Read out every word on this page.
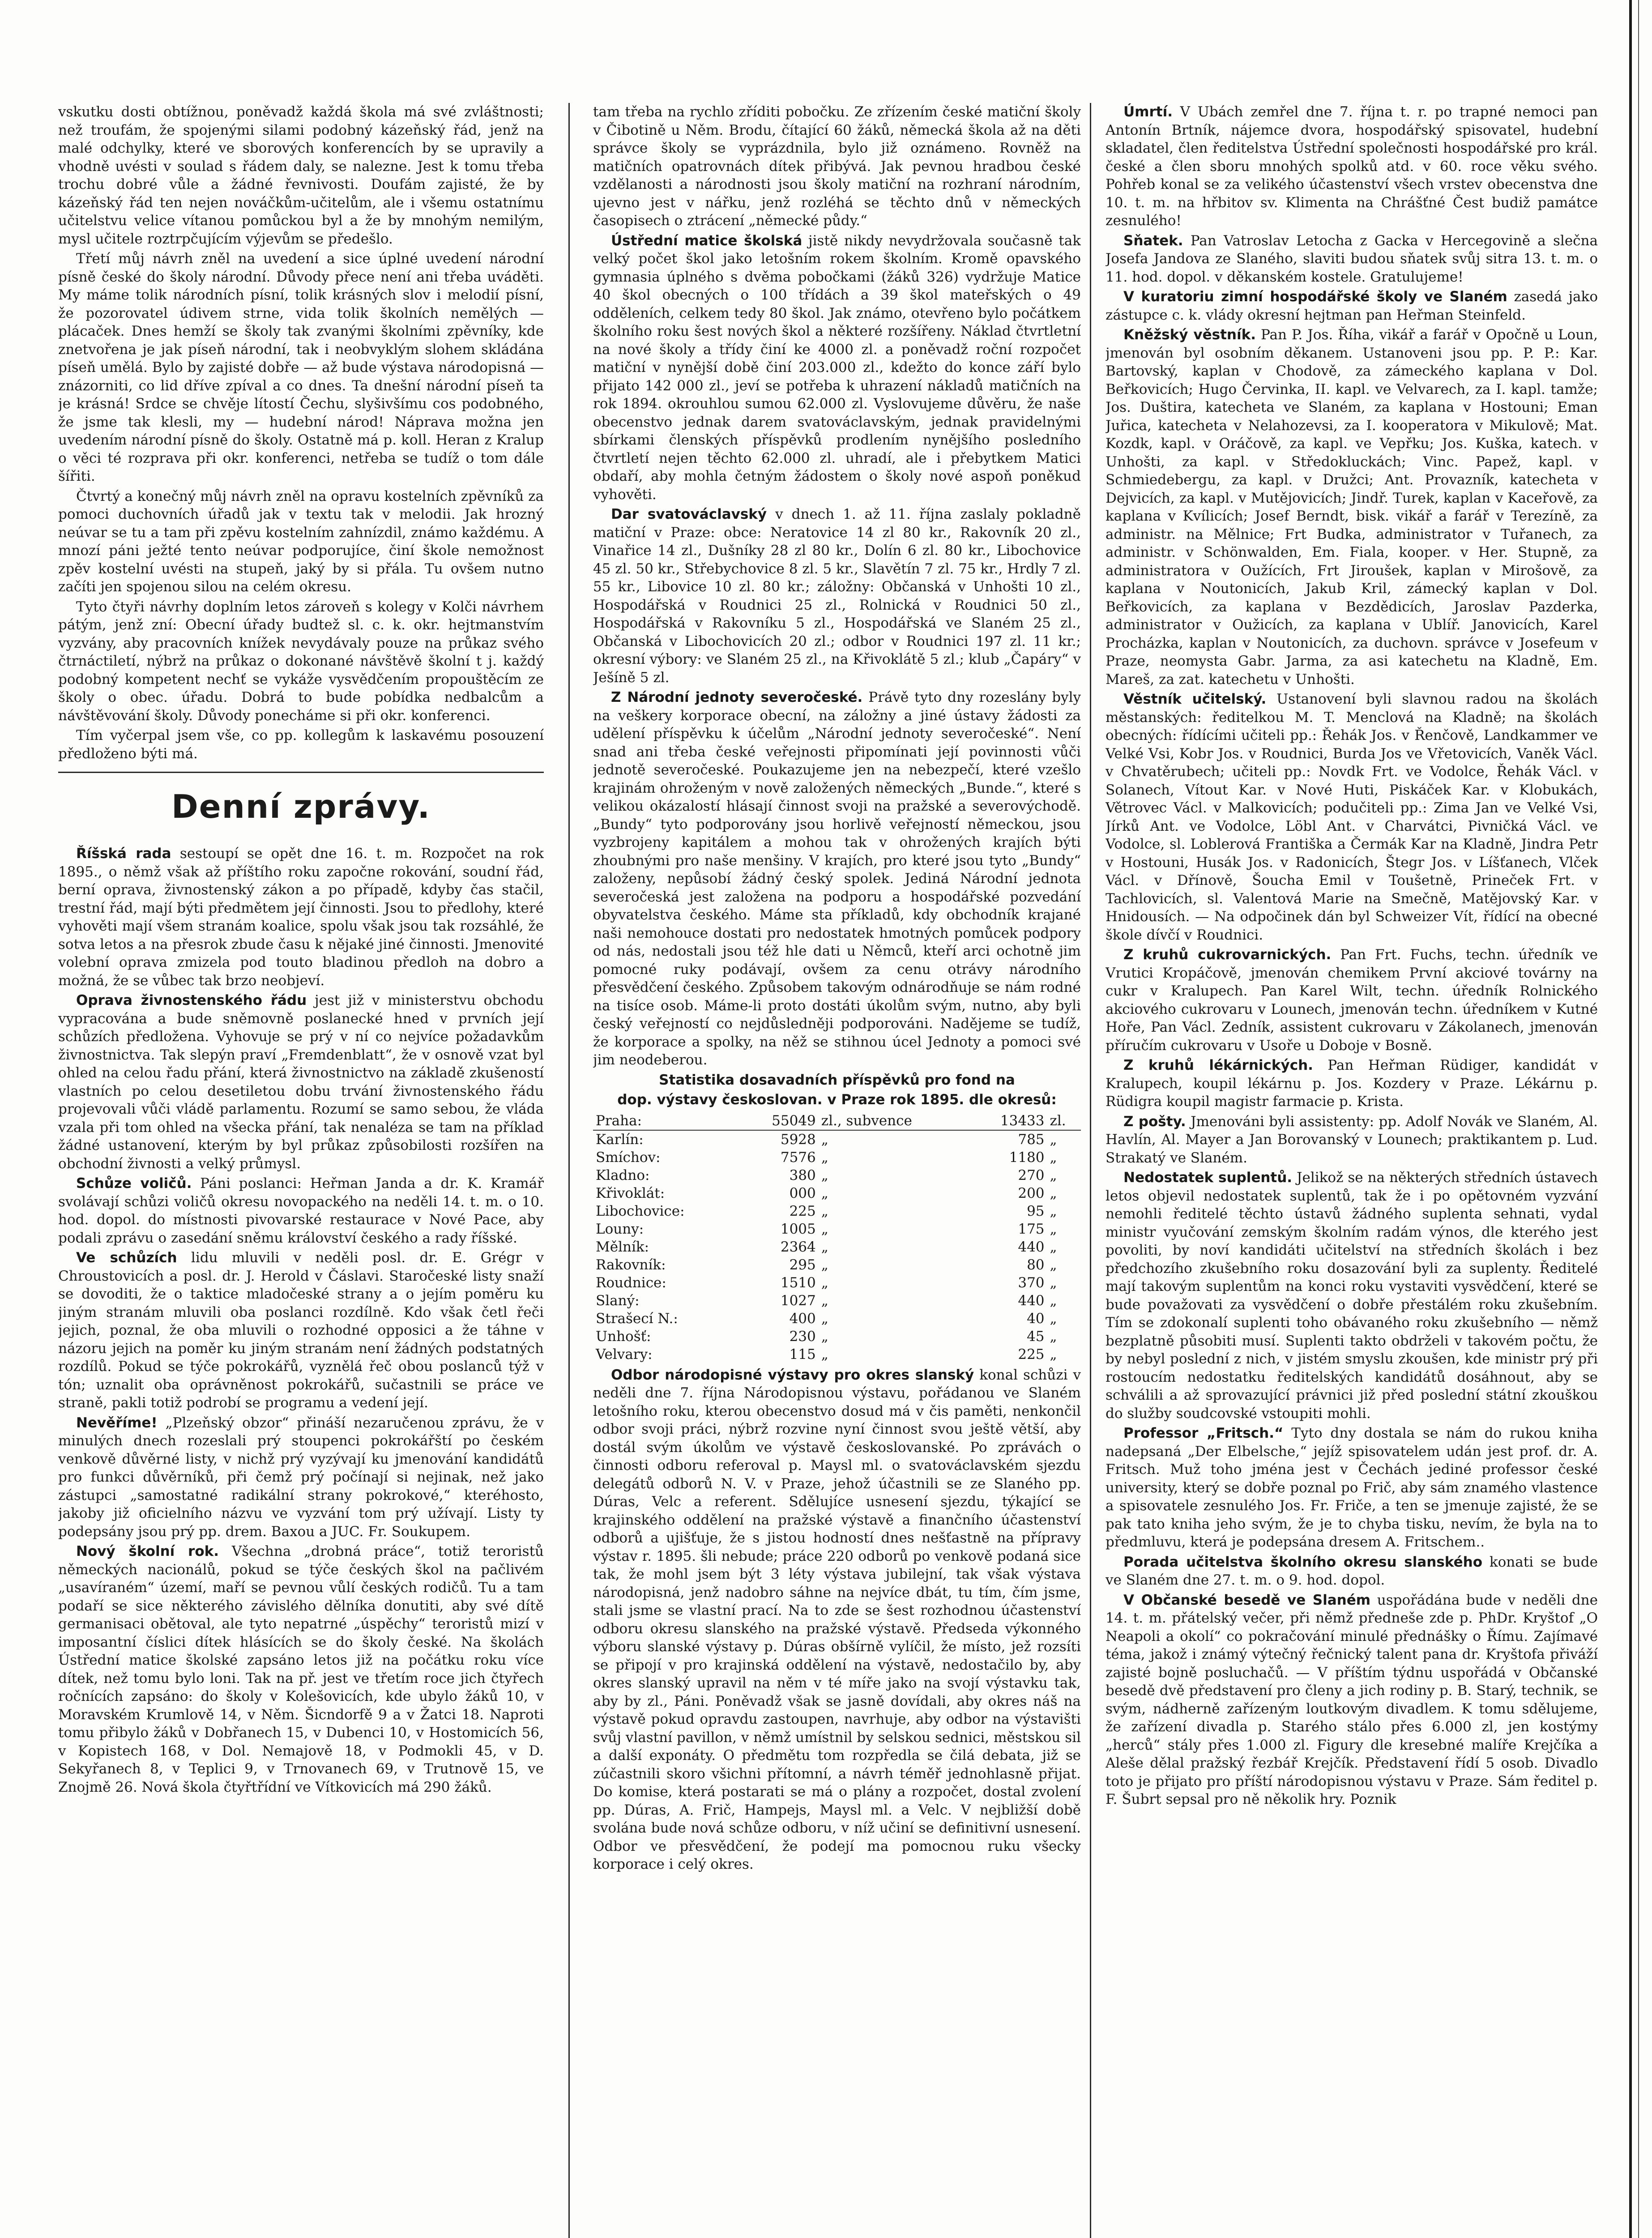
vskutku dosti obtížnou, poněvadž každá škola má své zvláštnosti; než troufám, že spojenými silami podobný kázeňský řád, jenž na malé odchylky, které ve sborových konferencích by se upravily a vhodně uvésti v soulad s řádem daly, se nalezne. Jest k tomu třeba trochu dobré vůle a žádné řevnivosti. Doufám zajisté, že by kázeňský řád ten nejen nováčkům-učitelům, ale i všemu ostatnímu učitelstvu velice vítanou pomůckou byl a že by mnohým nemilým, mysl učitele roztrpčujícím výjevům se předešlo.

Třetí můj návrh zněl na uvedení a sice úplné uvedení národní písně české do školy národní. Důvody přece není ani třeba uváděti. My máme tolik národních písní, tolik krásných slov i melodií písní, že pozorovatel údivem strne, vida tolik školních nemělých — plácaček. Dnes hemží se školy tak zvanými školními zpěvníky, kde znetvořena je jak píseň národní, tak i neobvyklým slohem skládána píseň umělá. Bylo by zajisté dobře — až bude výstava národopisná — znázorniti, co lid dříve zpíval a co dnes. Ta dnešní národní píseň ta je krásná! Srdce se chvěje lítostí Čechu, slyšivšímu cos podobného, že jsme tak klesli, my — hudební národ! Náprava možna jen uvedením národní písně do školy. Ostatně má p. koll. Heran z Kralup o věci té rozprava při okr. konferenci, netřeba se tudíž o tom dále šířiti.

Čtvrtý a konečný můj návrh zněl na opravu kostelních zpěvníků za pomoci duchovních úřadů jak v textu tak v melodii. Jak hrozný neúvar se tu a tam při zpěvu kostelním zahnízdil, známo každému. A mnozí páni ježté tento neúvar podporujíce, činí škole nemožnost zpěv kostelní uvésti na stupeň, jaký by si přála. Tu ovšem nutno začíti jen spojenou silou na celém okresu.

Tyto čtyři návrhy doplním letos zároveň s kolegy v Kolči návrhem pátým, jenž zní: Obecní úřady budtež sl. c. k. okr. hejtmanstvím vyzvány, aby pracovních knížek nevydávaly pouze na průkaz svého čtrnáctiletí, nýbrž na průkaz o dokonané návštěvě školní t j. každý podobný kompetent nechť se vykáže vysvědčením propouštěcím ze školy o obec. úřadu. Dobrá to bude pobídka nedbalcům a návštěvování školy. Důvody ponecháme si při okr. konferenci.

Tím vyčerpal jsem vše, co pp. kollegům k laskavému posouzení předloženo býti má.

Denní zprávy.

Říšská rada sestoupí se opět dne 16. t. m. Rozpočet na rok 1895., o němž však až příštího roku započne rokování, soudní řád, berní oprava, živnostenský zákon a po případě, kdyby čas stačil, trestní řád, mají býti předmětem její činnosti. Jsou to předlohy, které vyhověti mají všem stranám koalice, spolu však jsou tak rozsáhlé, že sotva letos a na přesrok zbude času k nějaké jiné činnosti. Jmenovité volební oprava zmizela pod touto bladinou předloh na dobro a možná, že se vůbec tak brzo neobjeví.

Oprava živnostenského řádu jest již v ministerstvu obchodu vypracována a bude sněmovně poslanecké hned v prvních její schůzích předložena. Vyhovuje se prý v ní co nejvíce požadavkům živnostnictva. Tak slepýn praví „Fremdenblatt“, že v osnově vzat byl ohled na celou řadu přání, která živnostnictvo na základě zkušeností vlastních po celou desetiletou dobu trvání živnostenského řádu projevovali vůči vládě parlamentu. Rozumí se samo sebou, že vláda vzala při tom ohled na všecka přání, tak nenaléza se tam na příklad žádné ustanovení, kterým by byl průkaz způsobilosti rozšířen na obchodní živnosti a velký průmysl.

Schůze voličů. Páni poslanci: Heřman Janda a dr. K. Kramář svolávají schůzi voličů okresu novopackého na neděli 14. t. m. o 10. hod. dopol. do místnosti pivovarské restaurace v Nové Pace, aby podali zprávu o zasedání sněmu království českého a rady říšské.

Ve schůzích lidu mluvili v neděli posl. dr. E. Grégr v Chroustovicích a posl. dr. J. Herold v Čáslavi. Staročeské listy snaží se dovoditi, že o taktice mladočeské strany a o jejím poměru ku jiným stranám mluvili oba poslanci rozdílně. Kdo však četl řeči jejich, poznal, že oba mluvili o rozhodné opposici a že táhne v názoru jejich na poměr ku jiným stranám není žádných podstatných rozdílů. Pokud se týče pokrokářů, vyznělá řeč obou poslanců týž v tón; uznalit oba oprávněnost pokrokářů, sučastnili se práce ve straně, pakli totiž podrobí se programu a vedení její.

Nevěříme! „Plzeňský obzor“ přináší nezaručenou zprávu, že v minulých dnech rozeslali prý stoupenci pokrokářští po českém venkově důvěrné listy, v nichž prý vyzývají ku jmenování kandidátů pro funkci důvěrníků, při čemž prý počínají si nejinak, než jako zástupci „samostatné radikální strany pokrokové,“ kteréhosto, jakoby již oficielního názvu ve vyzvání tom prý užívají. Listy ty podepsány jsou prý pp. drem. Baxou a JUC. Fr. Soukupem.

Nový školní rok. Všechna „drobná práce“, totiž teroristů německých nacionálů, pokud se týče českých škol na pačlivém „usavíraném“ území, maří se pevnou vůlí českých rodičů. Tu a tam podaří se sice některého závislého dělníka donutiti, aby své dítě germanisaci obětoval, ale tyto nepatrné „úspěchy“ teroristů mizí v imposantní číslici dítek hlásících se do školy české. Na školách Ústřední matice školské zapsáno letos již na počátku roku více dítek, než tomu bylo loni. Tak na př. jest ve třetím roce jich čtyřech ročnících zapsáno: do školy v Kolešovicích, kde ubylo žáků 10, v Moravském Krumlově 14, v Něm. Šicndorfě 9 a v Žatci 18. Naproti tomu přibylo žáků v Dobřanech 15, v Dubenci 10, v Hostomicích 56, v Kopistech 168, v Dol. Nemajově 18, v Podmokli 45, v D. Sekyřanech 8, v Teplici 9, v Trnovanech 69, v Trutnově 15, ve Znojmě 26. Nová škola čtyřtřídní ve Vítkovicích má 290 žáků.

tam třeba na rychlo zříditi pobočku. Ze zřízením české matiční školy v Čibotině u Něm. Brodu, čítající 60 žáků, německá škola až na děti správce školy se vyprázdnila, bylo již oznámeno. Rovněž na matičních opatrovnách dítek přibývá. Jak pevnou hradbou české vzdělanosti a národnosti jsou školy matiční na rozhraní národním, ujevno jest v nářku, jenž rozléhá se těchto dnů v německých časopisech o ztrácení „německé půdy.“

Ústřední matice školská jistě nikdy nevydržovala současně tak velký počet škol jako letošním rokem školním. Kromě opavského gymnasia úplného s dvěma pobočkami (žáků 326) vydržuje Matice 40 škol obecných o 100 třídách a 39 škol mateřských o 49 odděleních, celkem tedy 80 škol. Jak známo, otevřeno bylo počátkem školního roku šest nových škol a některé rozšířeny. Náklad čtvrtletní na nové školy a třídy činí ke 4000 zl. a poněvadž roční rozpočet matiční v nynější době činí 203.000 zl., kdežto do konce září bylo přijato 142 000 zl., jeví se potřeba k uhrazení nákladů matičních na rok 1894. okrouhlou sumou 62.000 zl. Vyslovujeme důvěru, že naše obecenstvo jednak darem svatováclavským, jednak pravidelnými sbírkami členských příspěvků prodlením nynějšího posledního čtvrtletí nejen těchto 62.000 zl. uhradí, ale i přebytkem Matici obdaří, aby mohla četným žádostem o školy nové aspoň poněkud vyhověti.

Dar svatováclavský v dnech 1. až 11. října zaslaly pokladně matiční v Praze: obce: Neratovice 14 zl 80 kr., Rakovník 20 zl., Vinařice 14 zl., Dušníky 28 zl 80 kr., Dolín 6 zl. 80 kr., Libochovice 45 zl. 50 kr., Střebychovice 8 zl. 5 kr., Slavětín 7 zl. 75 kr., Hrdly 7 zl. 55 kr., Libovice 10 zl. 80 kr.; záložny: Občanská v Unhošti 10 zl., Hospodářská v Roudnici 25 zl., Rolnická v Roudnici 50 zl., Hospodářská v Rakovníku 5 zl., Hospodářská ve Slaném 25 zl., Občanská v Libochovicích 20 zl.; odbor v Roudnici 197 zl. 11 kr.; okresní výbory: ve Slaném 25 zl., na Křivoklátě 5 zl.; klub „Čapáry“ v Ješíně 5 zl.

Z Národní jednoty severočeské. Právě tyto dny rozeslány byly na veškery korporace obecní, na záložny a jiné ústavy žádosti za udělení příspěvku k účelům „Národní jednoty severočeské“. Není snad ani třeba české veřejnosti připomínati její povinnosti vůči jednotě severočeské. Poukazujeme jen na nebezpečí, které vzešlo krajinám ohroženým v nově založených německých „Bunde.“, které s velikou okázalostí hlásají činnost svoji na pražské a severovýchodě. „Bundy“ tyto podporovány jsou horlivě veřejností německou, jsou vyzbrojeny kapitálem a mohou tak v ohrožených krajích býti zhoubnými pro naše menšiny. V krajích, pro které jsou tyto „Bundy“ založeny, nepůsobí žádný český spolek. Jediná Národní jednota severočeská jest založena na podporu a hospodářské pozvedání obyvatelstva českého. Máme sta příkladů, kdy obchodník krajané naši nemohouce dostati pro nedostatek hmotných pomůcek podpory od nás, nedostali jsou též hle dati u Němců, kteří arci ochotně jim pomocné ruky podávají, ovšem za cenu otrávy národního přesvědčení českého. Způsobem takovým odnárodňuje se nám rodné na tisíce osob. Máme-li proto dostáti úkolům svým, nutno, aby byli český veřejností co nejdůsledněji podporováni. Nadějeme se tudíž, že korporace a spolky, na něž se stihnou úcel Jednoty a pomoci své jim neodeberou.

Statistika dosavadních příspěvků pro fond na

dop. výstavy českoslovan. v Praze rok 1895. dle okresů:

Praha:	55049	zl., subvence	13433	zl.
Karlín:	5928	„	785	„
Smíchov:	7576	„	1180	„
Kladno:	380	„	270	„
Křivoklát:	000	„	200	„
Libochovice:	225	„	95	„
Louny:	1005	„	175	„
Mělník:	2364	„	440	„
Rakovník:	295	„	80	„
Roudnice:	1510	„	370	„
Slaný:	1027	„	440	„
Strašecí N.:	400	„	40	„
Unhošť:	230	„	45	„
Velvary:	115	„	225	„

Odbor národopisné výstavy pro okres slanský konal schůzi v neděli dne 7. října Národopisnou výstavu, pořádanou ve Slaném letošního roku, kterou obecenstvo dosud má v čis paměti, nenkončil odbor svoji práci, nýbrž rozvine nyní činnost svou ještě větší, aby dostál svým úkolům ve výstavě českoslovanské. Po zprávách o činnosti odboru referoval p. Maysl ml. o svatováclavském sjezdu delegátů odborů N. V. v Praze, jehož účastnili se ze Slaného pp. Dúras, Velc a referent. Sdělujíce usnesení sjezdu, týkající se krajinského oddělení na pražské výstavě a finančního účastenství odborů a ujišťuje, že s jistou hodností dnes nešťastně na přípravy výstav r. 1895. šli nebude; práce 220 odborů po venkově podaná sice tak, že mohl jsem být 3 léty výstava jubilejní, tak však výstava národopisná, jenž nadobro sáhne na nejvíce dbát, tu tím, čím jsme, stali jsme se vlastní prací. Na to zde se šest rozhodnou účastenství odboru okresu slanského na pražské výstavě. Předseda výkonného výboru slanské výstavy p. Dúras obšírně vylíčil, že místo, jež rozsíti se připojí v pro krajinská oddělení na výstavě, nedostačilo by, aby okres slanský upravil na něm v té míře jako na svojí výstavku tak, aby by zl., Páni. Poněvadž však se jasně dovídali, aby okres náš na výstavě pokud opravdu zastoupen, navrhuje, aby odbor na výstavišti svůj vlastní pavillon, v němž umístnil by selskou sednici, městskou sil a další exponáty. O předmětu tom rozpředla se čilá debata, již se zúčastnili skoro všichni přítomní, a návrh téměř jednohlasně přijat. Do komise, která postarati se má o plány a rozpočet, dostal zvolení pp. Dúras, A. Frič, Hampejs, Maysl ml. a Velc. V nejbližší době svolána bude nová schůze odboru, v níž učiní se definitivní usnesení. Odbor ve přesvědčení, že podejí ma pomocnou ruku všecky korporace i celý okres.

Úmrtí. V Ubách zemřel dne 7. října t. r. po trapné nemoci pan Antonín Brtník, nájemce dvora, hospodářský spisovatel, hudební skladatel, člen ředitelstva Ústřední společnosti hospodářské pro král. české a člen sboru mnohých spolků atd. v 60. roce věku svého. Pohřeb konal se za velikého účastenství všech vrstev obecenstva dne 10. t. m. na hřbitov sv. Klimenta na Chrášťné Čest budiž památce zesnulého!

Sňatek. Pan Vatroslav Letocha z Gacka v Hercegovině a slečna Josefa Jandova ze Slaného, slaviti budou sňatek svůj sitra 13. t. m. o 11. hod. dopol. v děkanském kostele. Gratulujeme!

V kuratoriu zimní hospodářské školy ve Slaném zasedá jako zástupce c. k. vlády okresní hejtman pan Heřman Steinfeld.

Kněžský věstník. Pan P. Jos. Říha, vikář a farář v Opočně u Loun, jmenován byl osobním děkanem. Ustanoveni jsou pp. P. P.: Kar. Bartovský, kaplan v Chodově, za zámeckého kaplana v Dol. Beřkovicích; Hugo Červinka, II. kapl. ve Velvarech, za I. kapl. tamže; Jos. Duštira, katecheta ve Slaném, za kaplana v Hostouni; Eman Juřica, katecheta v Nelahozevsi, za I. kooperatora v Mikulově; Mat. Kozdk, kapl. v Oráčově, za kapl. ve Vepřku; Jos. Kuška, katech. v Unhošti, za kapl. v Středokluckách; Vinc. Papež, kapl. v Schmiedebergu, za kapl. v Družci; Ant. Provazník, katecheta v Dejvicích, za kapl. v Mutějovicích; Jindř. Turek, kaplan v Kaceřově, za kaplana v Kvílicích; Josef Berndt, bisk. vikář a farář v Terezíně, za administr. na Mělnice; Frt Budka, administrator v Tuřanech, za administr. v Schönwalden, Em. Fiala, kooper. v Her. Stupně, za administratora v Oužících, Frt Jiroušek, kaplan v Mirošově, za kaplana v Noutonicích, Jakub Kril, zámecký kaplan v Dol. Beřkovicích, za kaplana v Bezdědicích, Jaroslav Pazderka, administrator v Oužicích, za kaplana v Ublíř. Janovicích, Karel Procházka, kaplan v Noutonicích, za duchovn. správce v Josefeum v Praze, neomysta Gabr. Jarma, za asi katechetu na Kladně, Em. Mareš, za zat. katechetu v Unhošti.

Věstník učitelský. Ustanovení byli slavnou radou na školách městanských: ředitelkou M. T. Menclová na Kladně; na školách obecných: řídícími učiteli pp.: Řehák Jos. v Řenčově, Landkammer ve Velké Vsi, Kobr Jos. v Roudnici, Burda Jos ve Vřetovicích, Vaněk Václ. v Chvatěrubech; učiteli pp.: Novdk Frt. ve Vodolce, Řehák Václ. v Solanech, Vítout Kar. v Nové Huti, Piskáček Kar. v Klobukách, Větrovec Václ. v Malkovicích; podučiteli pp.: Zima Jan ve Velké Vsi, Jírků Ant. ve Vodolce, Löbl Ant. v Charvátci, Pivničká Václ. ve Vodolce, sl. Loblerová Františka a Čermák Kar na Kladně, Jindra Petr v Hostouni, Husák Jos. v Radonicích, Štegr Jos. v Líšťanech, Vlček Václ. v Dřínově, Šoucha Emil v Toušetně, Prineček Frt. v Tachlovicích, sl. Valentová Marie na Smečně, Matějovský Kar. v Hnidousích. — Na odpočinek dán byl Schweizer Vít, řídící na obecné škole dívčí v Roudnici.

Z kruhů cukrovarnických. Pan Frt. Fuchs, techn. úředník ve Vrutici Kropáčově, jmenován chemikem První akciové továrny na cukr v Kralupech. Pan Karel Wilt, techn. úředník Rolnického akciového cukrovaru v Lounech, jmenován techn. úředníkem v Kutné Hoře, Pan Václ. Zedník, assistent cukrovaru v Zákolanech, jmenován příručím cukrovaru v Usoře u Doboje v Bosně.

Z kruhů lékárnických. Pan Heřman Rüdiger, kandidát v Kralupech, koupil lékárnu p. Jos. Kozdery v Praze. Lékárnu p. Rüdigra koupil magistr farmacie p. Krista.

Z pošty. Jmenováni byli assistenty: pp. Adolf Novák ve Slaném, Al. Havlín, Al. Mayer a Jan Borovanský v Lounech; praktikantem p. Lud. Strakatý ve Slaném.

Nedostatek suplentů. Jelikož se na některých středních ústavech letos objevil nedostatek suplentů, tak že i po opětovném vyzvání nemohli ředitelé těchto ústavů žádného suplenta sehnati, vydal ministr vyučování zemským školním radám výnos, dle kterého jest povoliti, by noví kandidáti učitelství na středních školách i bez předchozího zkušebního roku dosazování byli za suplenty. Ředitelé mají takovým suplentům na konci roku vystaviti vysvědčení, které se bude považovati za vysvědčení o dobře přestálém roku zkušebním. Tím se zdokonalí suplenti toho obávaného roku zkušebního — němž bezplatně působiti musí. Suplenti takto obdrželi v takovém počtu, že by nebyl poslední z nich, v jistém smyslu zkoušen, kde ministr prý při rostoucím nedostatku ředitelských kandidátů dosáhnout, aby se schválili a až sprovazující právnici již před poslední státní zkouškou do služby soudcovské vstoupiti mohli.

Professor „Fritsch.“ Tyto dny dostala se nám do rukou kniha nadepsaná „Der Elbelsche,“ jejíž spisovatelem udán jest prof. dr. A. Fritsch. Muž toho jména jest v Čechách jediné professor české university, který se dobře poznal po Frič, aby sám znamého vlastence a spisovatele zesnulého Jos. Fr. Friče, a ten se jmenuje zajisté, že se pak tato kniha jeho svým, že je to chyba tisku, nevím, že byla na to předmluvu, která je podepsána dresem A. Fritschem..

Porada učitelstva školního okresu slanského konati se bude ve Slaném dne 27. t. m. o 9. hod. dopol.

V Občanské besedě ve Slaném uspořádána bude v neděli dne 14. t. m. přátelský večer, při němž předneše zde p. PhDr. Kryštof „O Neapoli a okolí“ co pokračování minulé přednášky o Římu. Zajímavé téma, jakož i známý výtečný řečnický talent pana dr. Kryštofa přiváží zajisté bojně posluchačů. — V příštím týdnu uspořádá v Občanské besedě dvě představení pro členy a jich rodiny p. B. Starý, technik, se svým, nádherně zařízeným loutkovým divadlem. K tomu sdělujeme, že zařízení divadla p. Starého stálo přes 6.000 zl, jen kostýmy „herců“ stály přes 1.000 zl. Figury dle kresebné malíře Krejčíka a Aleše dělal pražský řezbář Krejčík. Představení řídí 5 osob. Divadlo toto je přijato pro příští národopisnou výstavu v Praze. Sám ředitel p. F. Šubrt sepsal pro ně několik hry. Poznik
